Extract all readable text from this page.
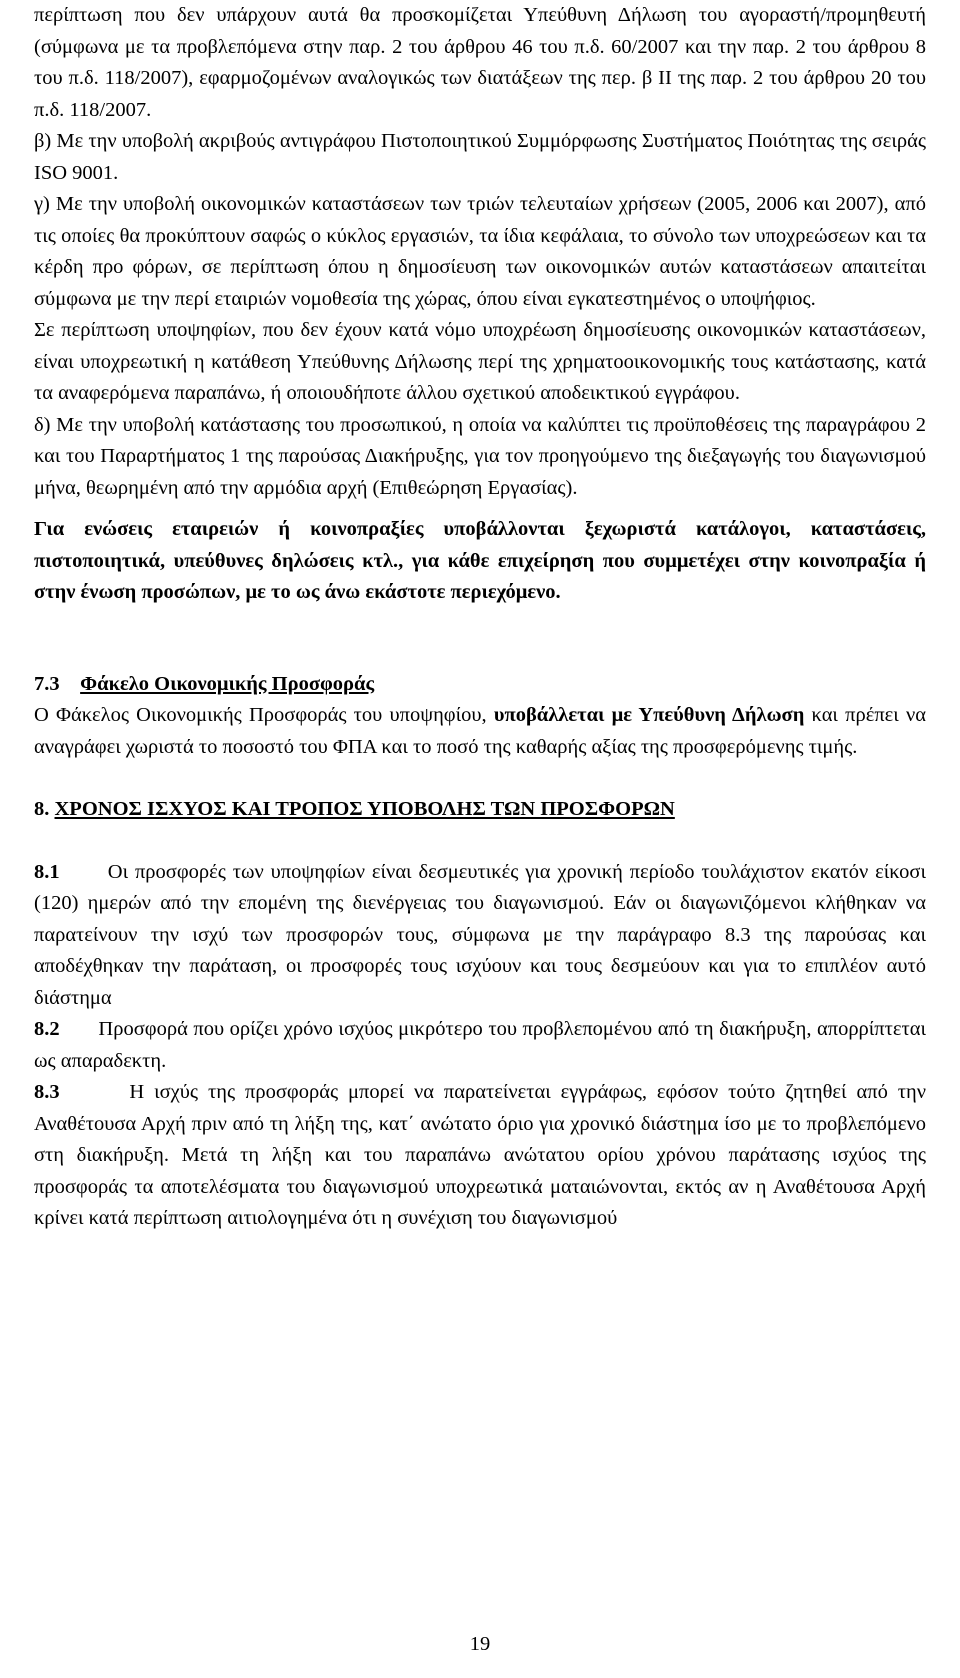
περίπτωση που δεν υπάρχουν αυτά θα προσκομίζεται Υπεύθυνη Δήλωση του αγοραστή/προμηθευτή (σύμφωνα με τα προβλεπόμενα στην παρ. 2 του άρθρου 46 του π.δ. 60/2007 και την παρ. 2 του άρθρου 8 του π.δ. 118/2007), εφαρμοζομένων αναλογικώς των διατάξεων της περ. β ΙΙ της παρ. 2 του άρθρου 20 του π.δ. 118/2007.

β) Με την υποβολή ακριβούς αντιγράφου Πιστοποιητικού Συμμόρφωσης Συστήματος Ποιότητας της σειράς ISO 9001.

γ) Με την υποβολή οικονομικών καταστάσεων των τριών τελευταίων χρήσεων (2005, 2006 και 2007), από τις οποίες θα προκύπτουν σαφώς ο κύκλος εργασιών, τα ίδια κεφάλαια, το σύνολο των υποχρεώσεων και τα κέρδη προ φόρων, σε περίπτωση όπου η δημοσίευση των οικονομικών αυτών καταστάσεων απαιτείται σύμφωνα με την περί εταιριών νομοθεσία της χώρας, όπου είναι εγκατεστημένος ο υποψήφιος.

Σε περίπτωση υποψηφίων, που δεν έχουν κατά νόμο υποχρέωση δημοσίευσης οικονομικών καταστάσεων, είναι υποχρεωτική η κατάθεση Υπεύθυνης Δήλωσης περί της χρηματοοικονομικής τους κατάστασης, κατά τα αναφερόμενα παραπάνω, ή οποιουδήποτε άλλου σχετικού αποδεικτικού εγγράφου.

δ) Με την υποβολή κατάστασης του προσωπικού, η οποία να καλύπτει τις προϋποθέσεις της παραγράφου 2 και του Παραρτήματος 1 της παρούσας Διακήρυξης, για τον προηγούμενο της διεξαγωγής του διαγωνισμού μήνα, θεωρημένη από την αρμόδια αρχή (Επιθεώρηση Εργασίας).

Για ενώσεις εταιρειών ή κοινοπραξίες υποβάλλονται ξεχωριστά κατάλογοι, καταστάσεις, πιστοποιητικά, υπεύθυνες δηλώσεις κτλ., για κάθε επιχείρηση που συμμετέχει στην κοινοπραξία ή στην ένωση προσώπων, με το ως άνω εκάστοτε περιεχόμενο.

7.3 Φάκελο Οικονομικής Προσφοράς

Ο Φάκελος Οικονομικής Προσφοράς του υποψηφίου, υποβάλλεται με Υπεύθυνη Δήλωση και πρέπει να αναγράφει χωριστά το ποσοστό του ΦΠΑ και το ποσό της καθαρής αξίας της προσφερόμενης τιμής.

8. ΧΡΟΝΟΣ ΙΣΧΥΟΣ ΚΑΙ ΤΡΟΠΟΣ ΥΠΟΒΟΛΗΣ ΤΩΝ ΠΡΟΣΦΟΡΩΝ

8.1 Οι προσφορές των υποψηφίων είναι δεσμευτικές για χρονική περίοδο τουλάχιστον εκατόν είκοσι (120) ημερών από την επομένη της διενέργειας του διαγωνισμού. Εάν οι διαγωνιζόμενοι κλήθηκαν να παρατείνουν την ισχύ των προσφορών τους, σύμφωνα με την παράγραφο 8.3 της παρούσας και αποδέχθηκαν την παράταση, οι προσφορές τους ισχύουν και τους δεσμεύουν και για το επιπλέον αυτό διάστημα

8.2 Προσφορά που ορίζει χρόνο ισχύος μικρότερο του προβλεπομένου από τη διακήρυξη, απορρίπτεται ως απαραδεκτη.

8.3	Η ισχύς της προσφοράς μπορεί να παρατείνεται εγγράφως, εφόσον τούτο ζητηθεί από την Αναθέτουσα Αρχή πριν από τη λήξη της, κατ΄ ανώτατο όριο για χρονικό διάστημα ίσο με το προβλεπόμενο στη διακήρυξη. Μετά τη λήξη και του παραπάνω ανώτατου ορίου χρόνου παράτασης ισχύος της προσφοράς τα αποτελέσματα του διαγωνισμού υποχρεωτικά ματαιώνονται, εκτός αν η Αναθέτουσα Αρχή κρίνει κατά περίπτωση αιτιολογημένα ότι η συνέχιση του διαγωνισμού

19
